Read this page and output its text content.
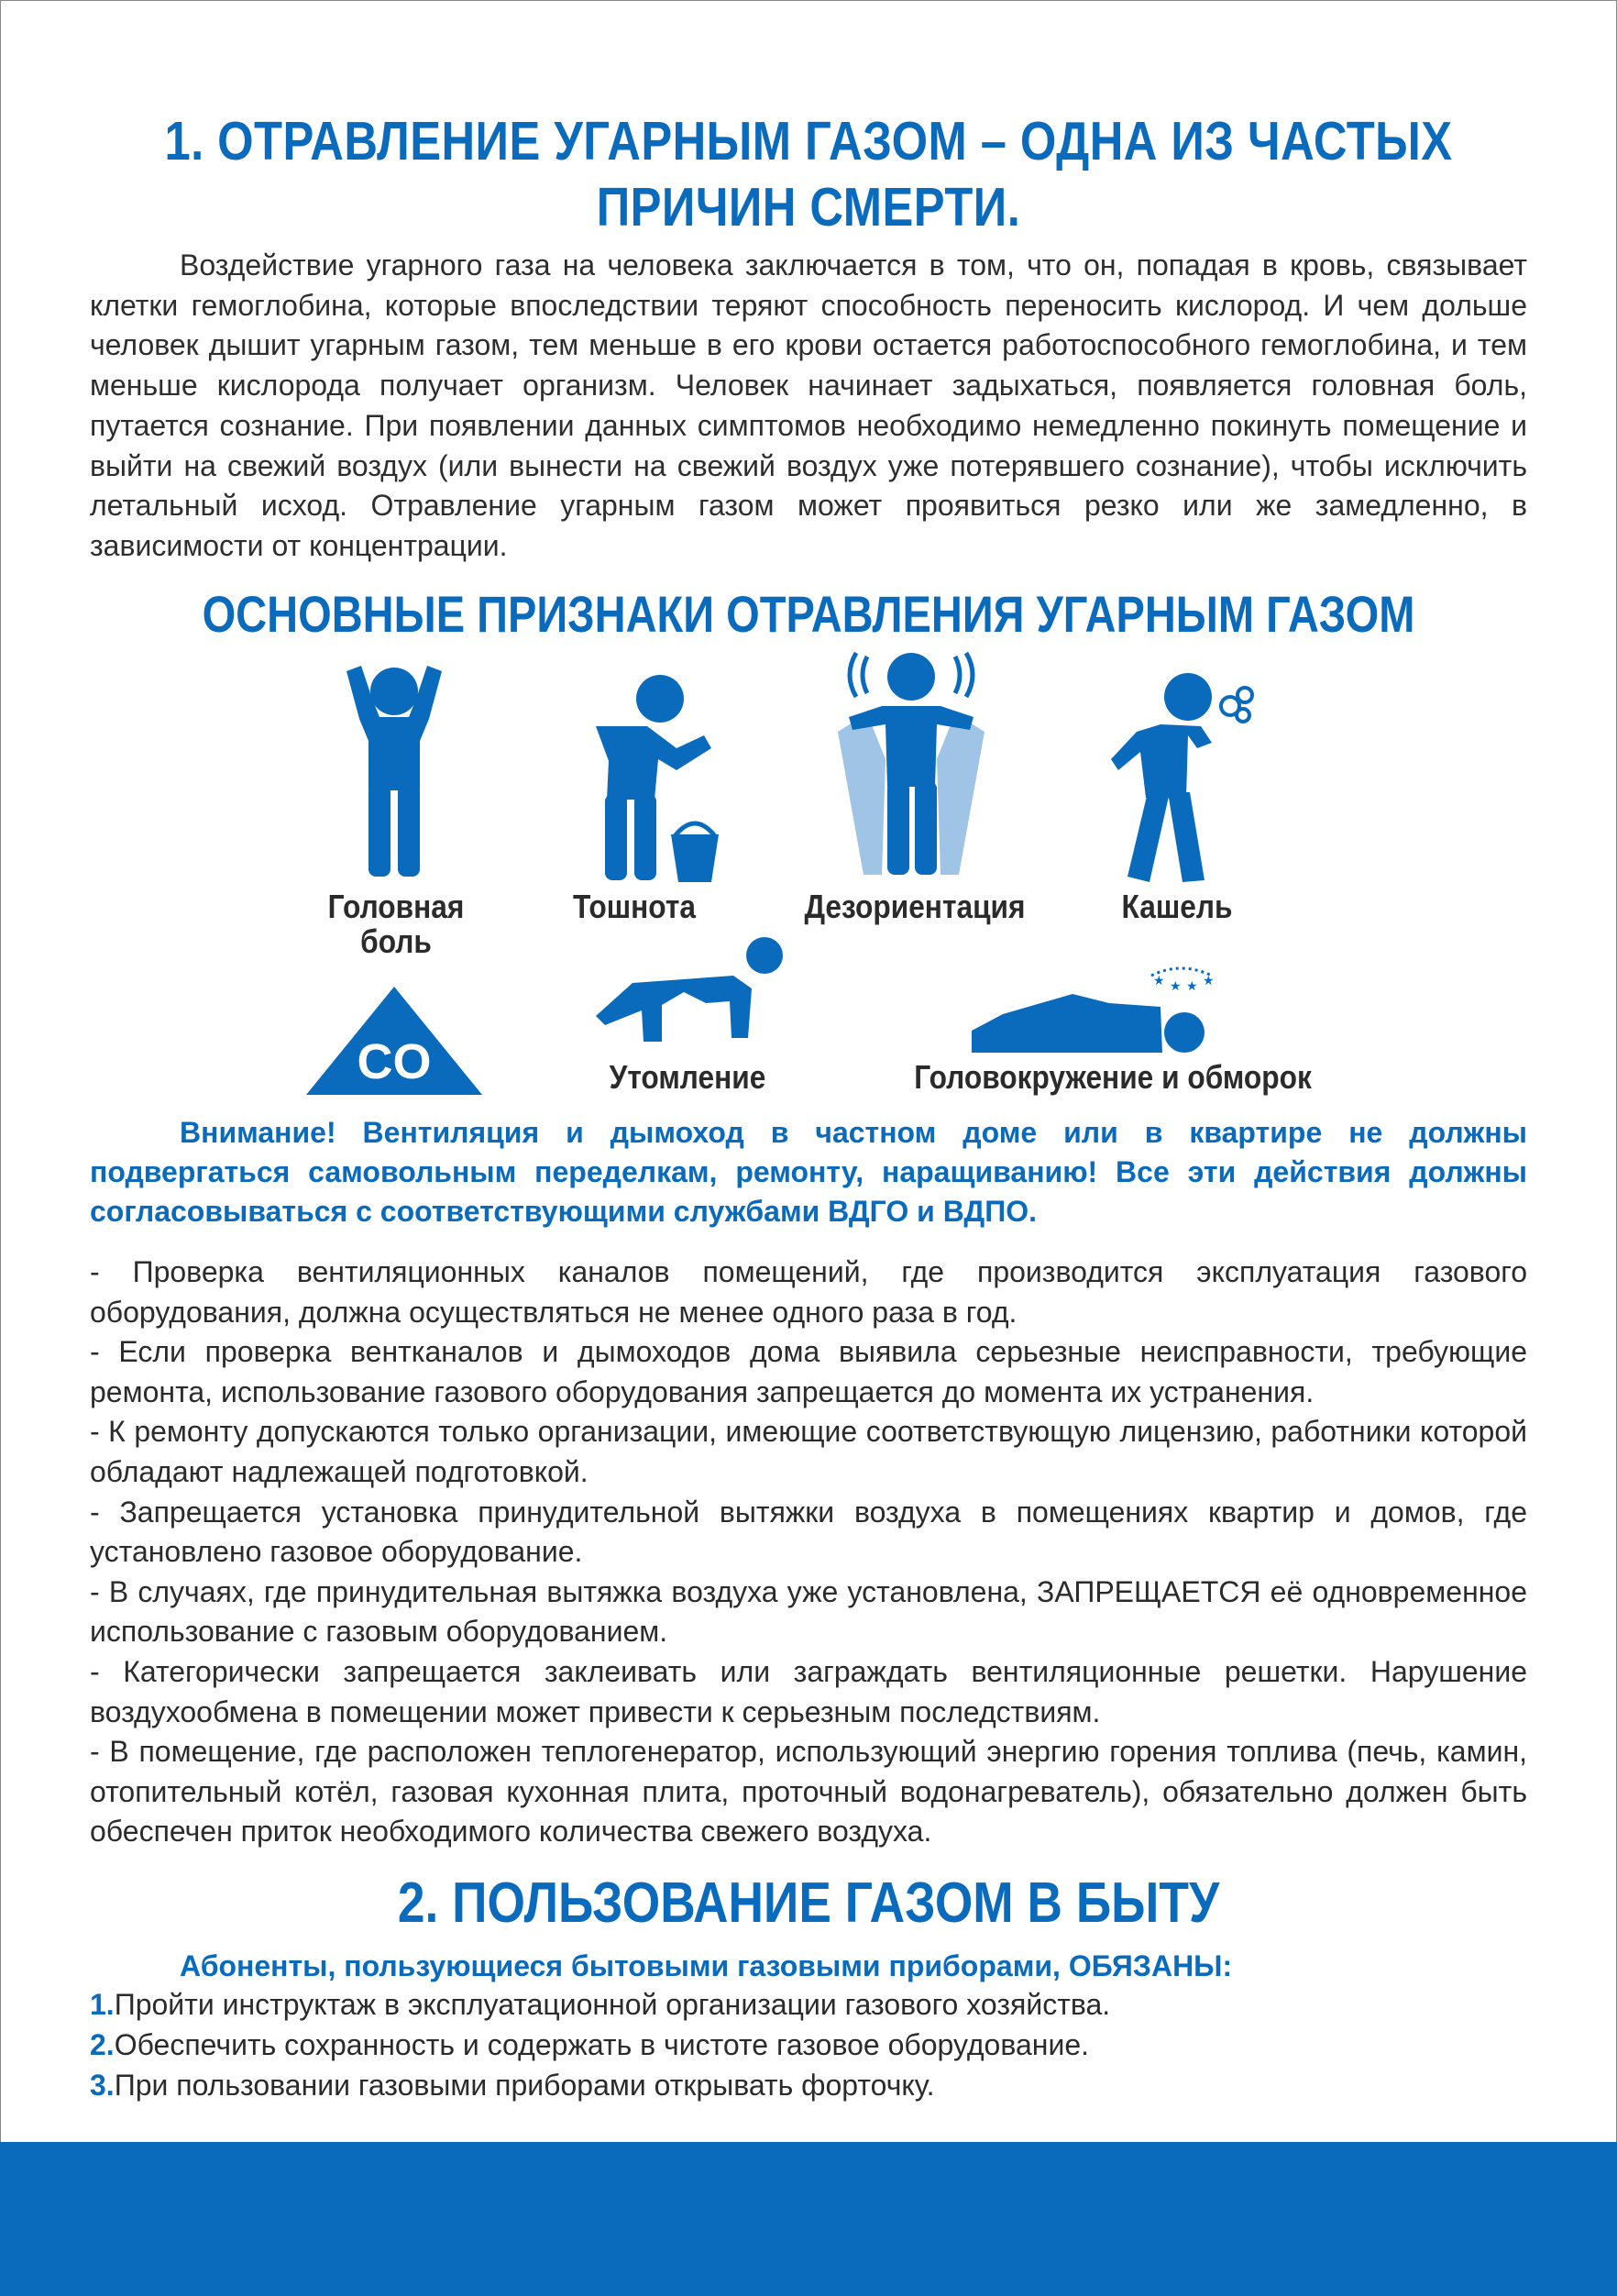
1. ОТРАВЛЕНИЕ УГАРНЫМ ГАЗОМ – ОДНА ИЗ ЧАСТЫХ ПРИЧИН СМЕРТИ.

Воздействие угарного газа на человека заключается в том, что он, попадая в кровь, связывает клетки гемоглобина, которые впоследствии теряют способность переносить кислород. И чем дольше человек дышит угарным газом, тем меньше в его крови остается работоспособного гемоглобина, и тем меньше кислорода получает организм. Человек начинает задыхаться, появляется головная боль, путается сознание. При появлении данных симптомов необходимо немедленно покинуть помещение и выйти на свежий воздух (или вынести на свежий воздух уже потерявшего сознание), чтобы исключить летальный исход. Отравление угарным газом может проявиться резко или же замедленно, в зависимости от концентрации.

ОСНОВНЫЕ ПРИЗНАКИ ОТРАВЛЕНИЯ УГАРНЫМ ГАЗОМ
Головная боль
Тошнота	Дезориентация	Кашель
CO
★ ★ ★ ★
Утомление	Головокружение и обморок

Внимание! Вентиляция и дымоход в частном доме или в квартире не должны подвергаться самовольным переделкам, ремонту, наращиванию! Все эти действия должны согласовываться с соответствующими службами ВДГО и ВДПО.

- Проверка вентиляционных каналов помещений, где производится эксплуатация газового оборудования, должна осуществляться не менее одного раза в год.

- Если проверка вентканалов и дымоходов дома выявила серьезные неисправности, требующие ремонта, использование газового оборудования запрещается до момента их устранения.

- К ремонту допускаются только организации, имеющие соответствующую лицензию, работники которой обладают надлежащей подготовкой.

- Запрещается установка принудительной вытяжки воздуха в помещениях квартир и домов, где установлено газовое оборудование.

- В случаях, где принудительная вытяжка воздуха уже установлена, ЗАПРЕЩАЕТСЯ её одновременное использование с газовым оборудованием.

- Категорически запрещается заклеивать или заграждать вентиляционные решетки. Нарушение воздухообмена в помещении может привести к серьезным последствиям.

- В помещение, где расположен теплогенератор, использующий энергию горения топлива (печь, камин, отопительный котёл, газовая кухонная плита, проточный водонагреватель), обязательно должен быть обеспечен приток необходимого количества свежего воздуха.

2. ПОЛЬЗОВАНИЕ ГАЗОМ В БЫТУ
Абоненты, пользующиеся бытовыми газовыми приборами, ОБЯЗАНЫ:
1.Пройти инструктаж в эксплуатационной организации газового хозяйства.
2.Обеспечить сохранность и содержать в чистоте газовое оборудование.
3.При пользовании газовыми приборами открывать форточку.
